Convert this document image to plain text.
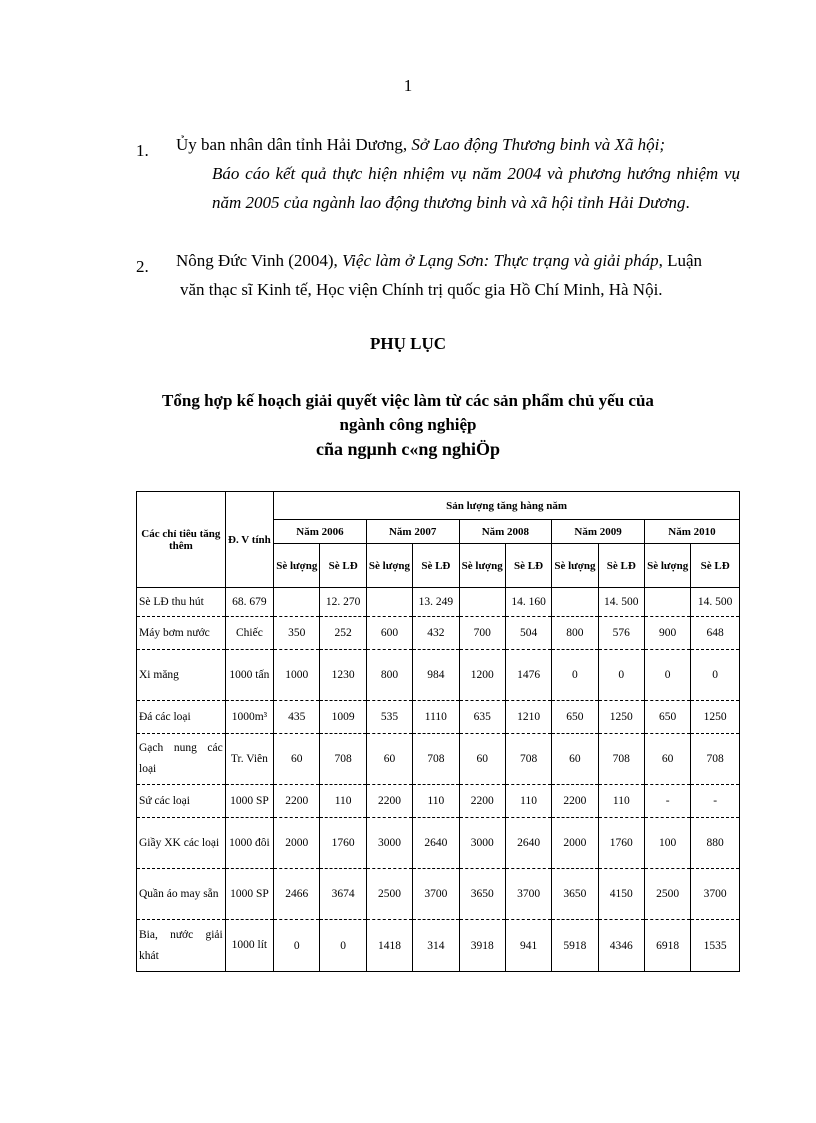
1
1. Ủy ban nhân dân tỉnh Hải Dương, Sở Lao động Thương binh và Xã hội;
Báo cáo kết quả thực hiện nhiệm vụ năm 2004 và phương hướng nhiệm vụ năm 2005 của ngành lao động thương binh và xã hội tỉnh Hải Dương.
2. Nông Đức Vinh (2004), Việc làm ở Lạng Sơn: Thực trạng và giải pháp, Luận
văn thạc sĩ Kinh tế, Học viện Chính trị quốc gia Hồ Chí Minh, Hà Nội.
PHỤ LỤC
Tổng hợp kế hoạch giải quyết việc làm từ các sản phẩm chủ yếu của
ngành công nghiệp
cña ngµnh c«ng nghiÖp
Các chỉ tiêu tăng thêm	Đ. V tính	Sản lượng tăng hàng năm									
		Năm 2006		Năm 2007		Năm 2008		Năm 2009		Năm 2010	
		Sè lượng	Sè LĐ	Sè lượng	Sè LĐ	Sè lượng	Sè LĐ	Sè lượng	Sè LĐ	Sè lượng	Sè LĐ
Sè LĐ thu hút	68. 679		12. 270		13. 249		14. 160		14. 500		14. 500
Máy bơm nước	Chiếc	350	252	600	432	700	504	800	576	900	648
Xi măng	1000 tấn	1000	1230	800	984	1200	1476	0	0	0	0
Đá các loại	1000m³	435	1009	535	1110	635	1210	650	1250	650	1250
Gạch nung các loại	Tr. Viên	60	708	60	708	60	708	60	708	60	708
Sứ các loại	1000 SP	2200	110	2200	110	2200	110	2200	110	-	-
Giầy XK các loại	1000 đôi	2000	1760	3000	2640	3000	2640	2000	1760	100	880
Quần áo may sẵn	1000 SP	2466	3674	2500	3700	3650	3700	3650	4150	2500	3700
Bia, nước giải khát	1000 lít	0	0	1418	314	3918	941	5918	4346	6918	1535
